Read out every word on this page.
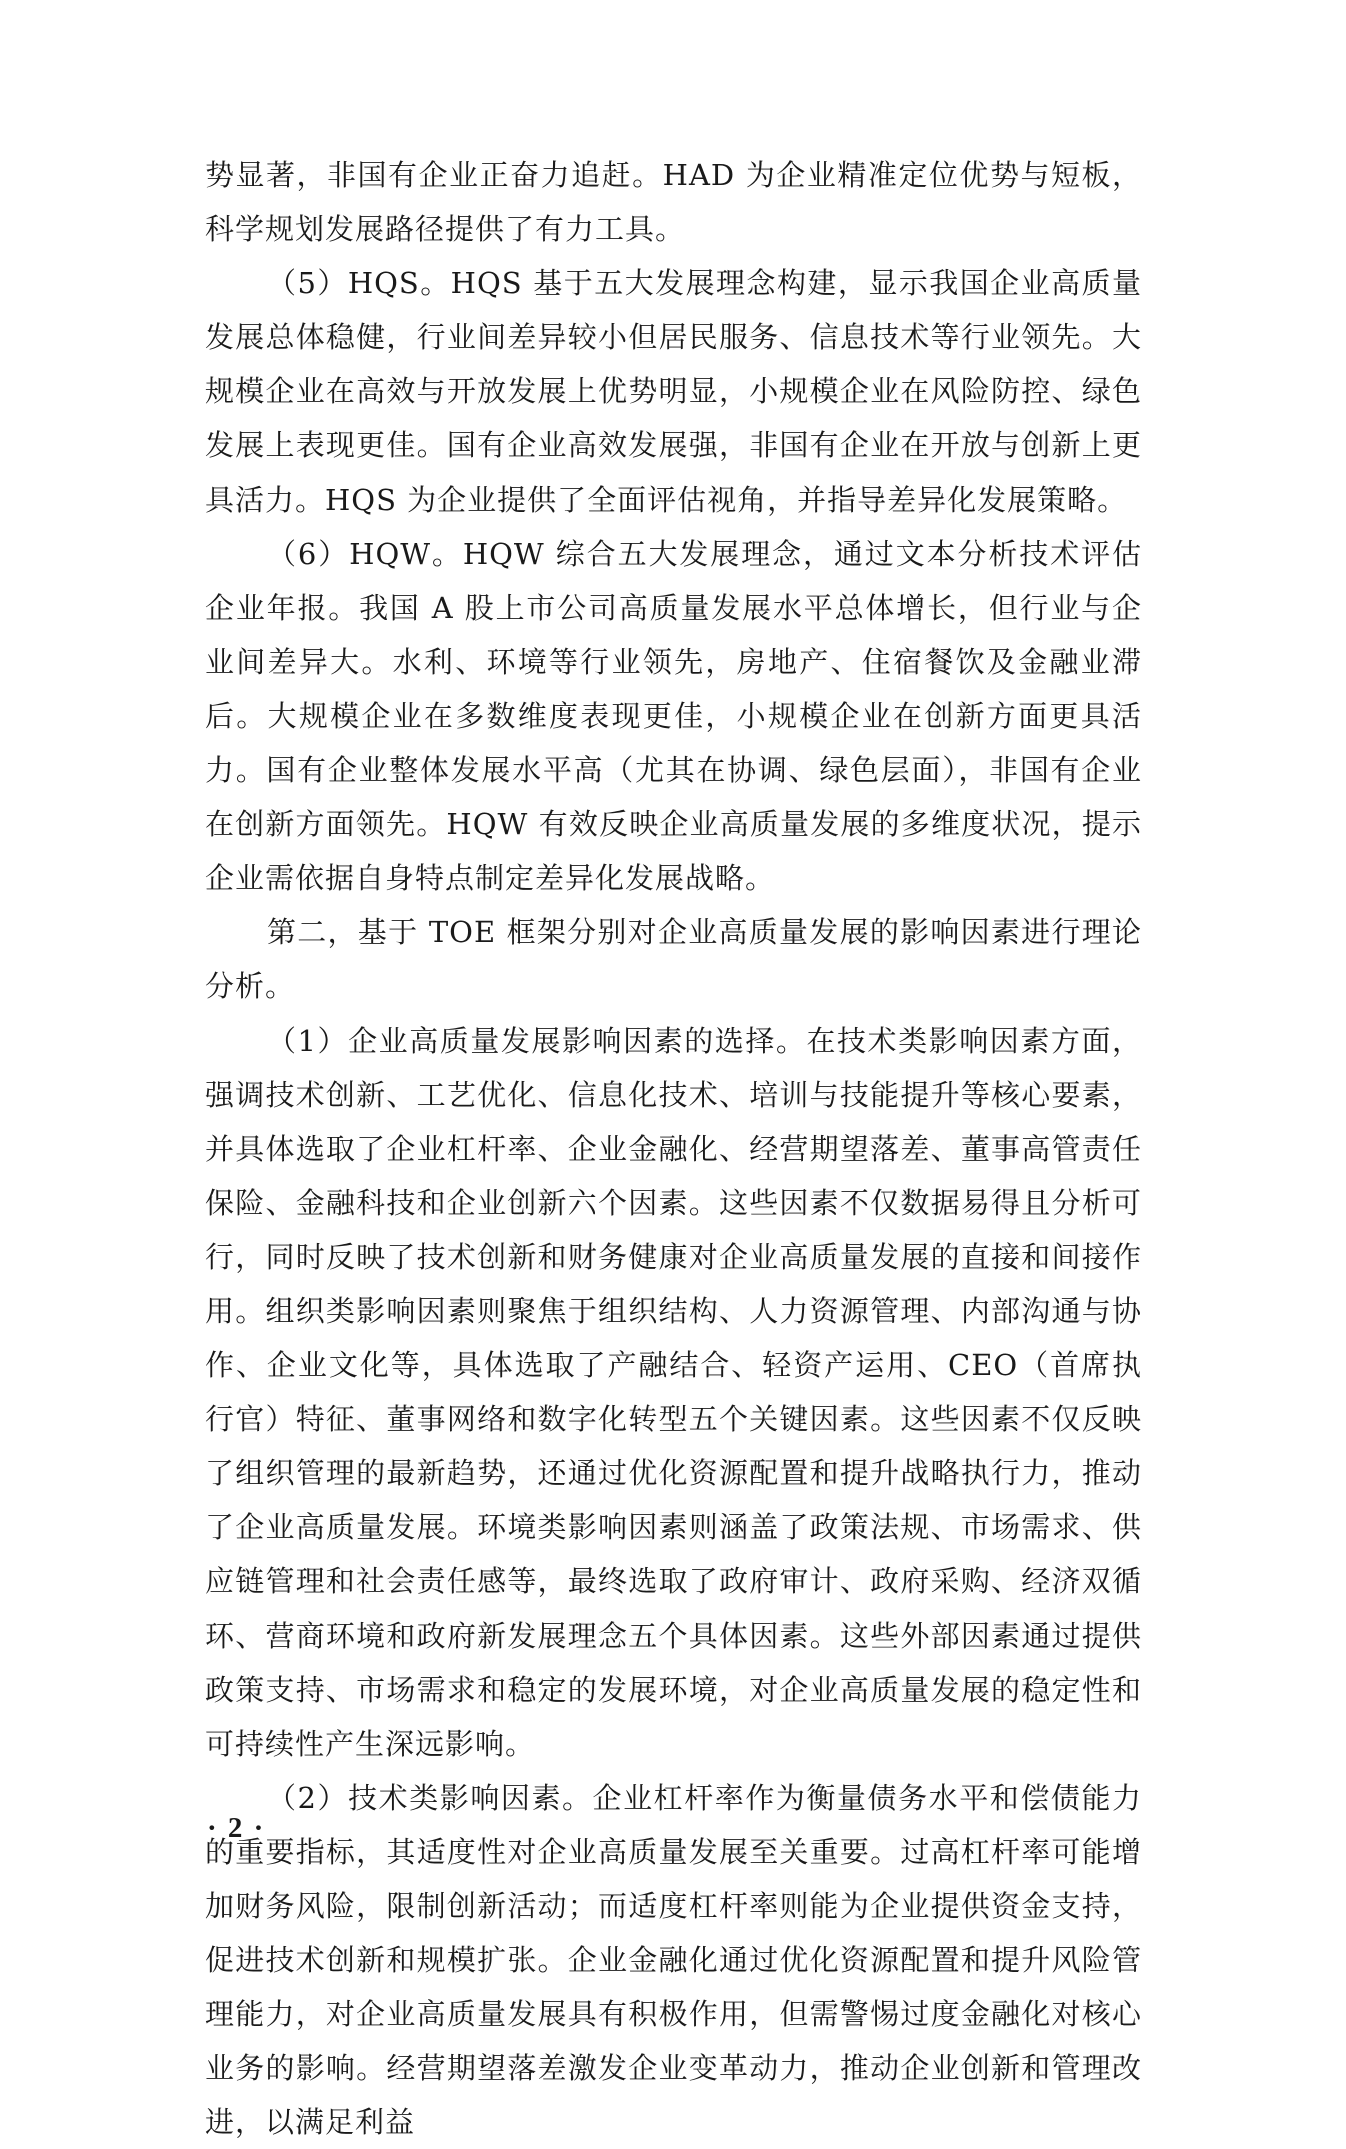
势显著，非国有企业正奋力追赶。HAD 为企业精准定位优势与短板，科学规划发展路径提供了有力工具。

（5）HQS。HQS 基于五大发展理念构建，显示我国企业高质量发展总体稳健，行业间差异较小但居民服务、信息技术等行业领先。大规模企业在高效与开放发展上优势明显，小规模企业在风险防控、绿色发展上表现更佳。国有企业高效发展强，非国有企业在开放与创新上更具活力。HQS 为企业提供了全面评估视角，并指导差异化发展策略。

（6）HQW。HQW 综合五大发展理念，通过文本分析技术评估企业年报。我国 A 股上市公司高质量发展水平总体增长，但行业与企业间差异大。水利、环境等行业领先，房地产、住宿餐饮及金融业滞后。大规模企业在多数维度表现更佳，小规模企业在创新方面更具活力。国有企业整体发展水平高（尤其在协调、绿色层面），非国有企业在创新方面领先。HQW 有效反映企业高质量发展的多维度状况，提示企业需依据自身特点制定差异化发展战略。

第二，基于 TOE 框架分别对企业高质量发展的影响因素进行理论分析。

（1）企业高质量发展影响因素的选择。在技术类影响因素方面，强调技术创新、工艺优化、信息化技术、培训与技能提升等核心要素，并具体选取了企业杠杆率、企业金融化、经营期望落差、董事高管责任保险、金融科技和企业创新六个因素。这些因素不仅数据易得且分析可行，同时反映了技术创新和财务健康对企业高质量发展的直接和间接作用。组织类影响因素则聚焦于组织结构、人力资源管理、内部沟通与协作、企业文化等，具体选取了产融结合、轻资产运用、CEO（首席执行官）特征、董事网络和数字化转型五个关键因素。这些因素不仅反映了组织管理的最新趋势，还通过优化资源配置和提升战略执行力，推动了企业高质量发展。环境类影响因素则涵盖了政策法规、市场需求、供应链管理和社会责任感等，最终选取了政府审计、政府采购、经济双循环、营商环境和政府新发展理念五个具体因素。这些外部因素通过提供政策支持、市场需求和稳定的发展环境，对企业高质量发展的稳定性和可持续性产生深远影响。

（2）技术类影响因素。企业杠杆率作为衡量债务水平和偿债能力的重要指标，其适度性对企业高质量发展至关重要。过高杠杆率可能增加财务风险，限制创新活动；而适度杠杆率则能为企业提供资金支持，促进技术创新和规模扩张。企业金融化通过优化资源配置和提升风险管理能力，对企业高质量发展具有积极作用，但需警惕过度金融化对核心业务的影响。经营期望落差激发企业变革动力，推动企业创新和管理改进，以满足利益

· 2 ·
